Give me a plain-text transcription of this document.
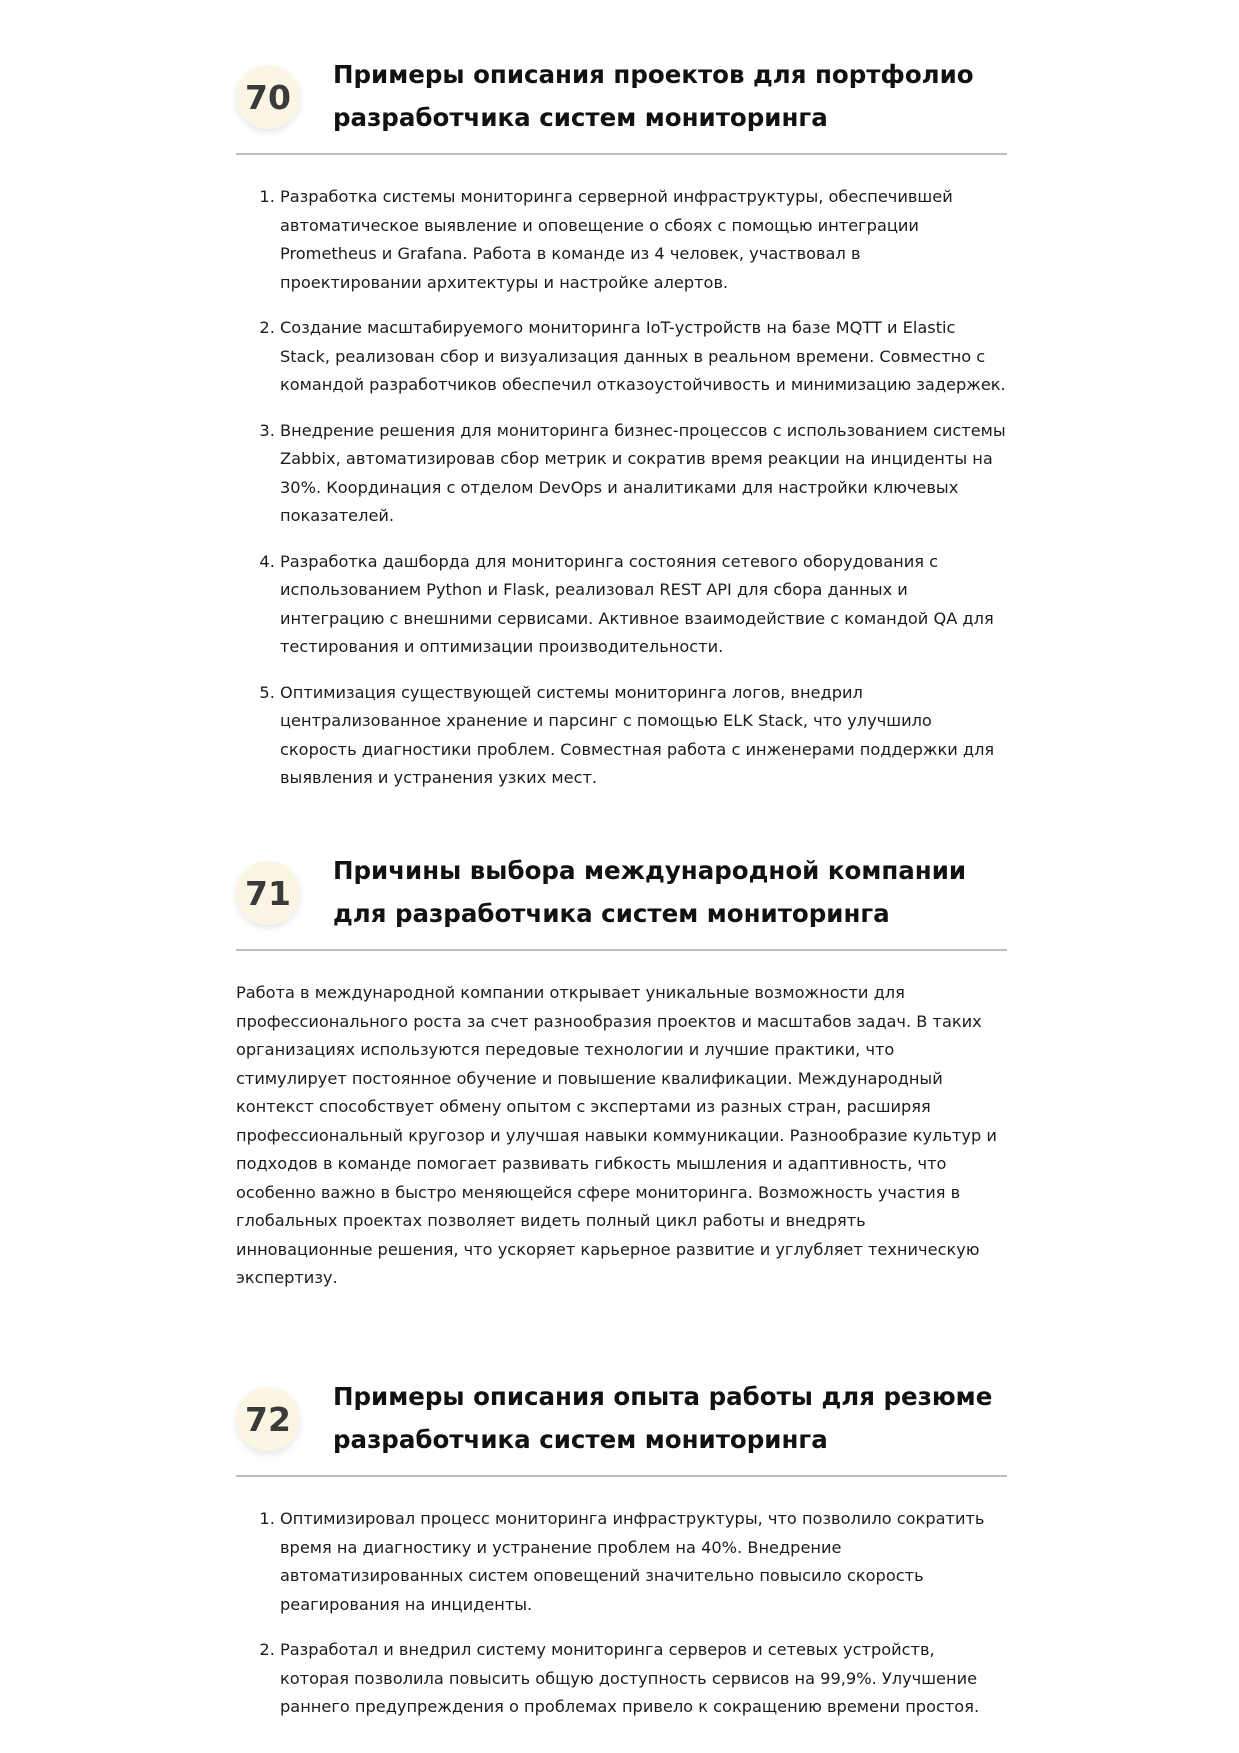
70
Примеры описания проектов для портфолио разработчика систем мониторинга
1. Разработка системы мониторинга серверной инфраструктуры, обеспечившей автоматическое выявление и оповещение о сбоях с помощью интеграции Prometheus и Grafana. Работа в команде из 4 человек, участвовал в проектировании архитектуры и настройке алертов.
2. Создание масштабируемого мониторинга IoT-устройств на базе MQTT и Elastic Stack, реализован сбор и визуализация данных в реальном времени. Совместно с командой разработчиков обеспечил отказоустойчивость и минимизацию задержек.
3. Внедрение решения для мониторинга бизнес-процессов с использованием системы Zabbix, автоматизировав сбор метрик и сократив время реакции на инциденты на 30%. Координация с отделом DevOps и аналитиками для настройки ключевых показателей.
4. Разработка дашборда для мониторинга состояния сетевого оборудования с использованием Python и Flask, реализовал REST API для сбора данных и интеграцию с внешними сервисами. Активное взаимодействие с командой QA для тестирования и оптимизации производительности.
5. Оптимизация существующей системы мониторинга логов, внедрил централизованное хранение и парсинг с помощью ELK Stack, что улучшило скорость диагностики проблем. Совместная работа с инженерами поддержки для выявления и устранения узких мест.
71
Причины выбора международной компании для разработчика систем мониторинга

Работа в международной компании открывает уникальные возможности для профессионального роста за счет разнообразия проектов и масштабов задач. В таких организациях используются передовые технологии и лучшие практики, что стимулирует постоянное обучение и повышение квалификации. Международный контекст способствует обмену опытом с экспертами из разных стран, расширяя профессиональный кругозор и улучшая навыки коммуникации. Разнообразие культур и подходов в команде помогает развивать гибкость мышления и адаптивность, что особенно важно в быстро меняющейся сфере мониторинга. Возможность участия в глобальных проектах позволяет видеть полный цикл работы и внедрять инновационные решения, что ускоряет карьерное развитие и углубляет техническую экспертизу.

72
Примеры описания опыта работы для резюме разработчика систем мониторинга
1. Оптимизировал процесс мониторинга инфраструктуры, что позволило сократить время на диагностику и устранение проблем на 40%. Внедрение автоматизированных систем оповещений значительно повысило скорость реагирования на инциденты.
2. Разработал и внедрил систему мониторинга серверов и сетевых устройств, которая позволила повысить общую доступность сервисов на 99,9%. Улучшение раннего предупреждения о проблемах привело к сокращению времени простоя.
